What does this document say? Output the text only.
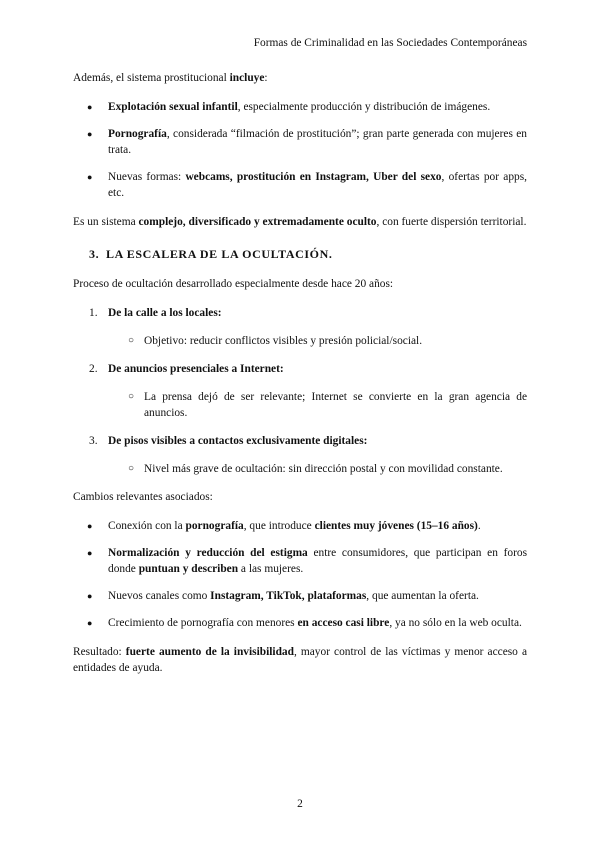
Formas de Criminalidad en las Sociedades Contemporáneas

Además, el sistema prostitucional incluye:

● Explotación sexual infantil, especialmente producción y distribución de imágenes.
● Pornografía, considerada “filmación de prostitución”; gran parte generada con mujeres en trata.
● Nuevas formas: webcams, prostitución en Instagram, Uber del sexo, ofertas por apps, etc.

Es un sistema complejo, diversificado y extremadamente oculto, con fuerte dispersión territorial.

3. LA ESCALERA DE LA OCULTACIÓN.

Proceso de ocultación desarrollado especialmente desde hace 20 años:

1. De la calle a los locales:
○ Objetivo: reducir conflictos visibles y presión policial/social.
2. De anuncios presenciales a Internet:
○ La prensa dejó de ser relevante; Internet se convierte en la gran agencia de anuncios.
3. De pisos visibles a contactos exclusivamente digitales:
○ Nivel más grave de ocultación: sin dirección postal y con movilidad constante.

Cambios relevantes asociados:

● Conexión con la pornografía, que introduce clientes muy jóvenes (15–16 años).
● Normalización y reducción del estigma entre consumidores, que participan en foros donde puntuan y describen a las mujeres.
● Nuevos canales como Instagram, TikTok, plataformas, que aumentan la oferta.
● Crecimiento de pornografía con menores en acceso casi libre, ya no sólo en la web oculta.

Resultado: fuerte aumento de la invisibilidad, mayor control de las víctimas y menor acceso a entidades de ayuda.

2
